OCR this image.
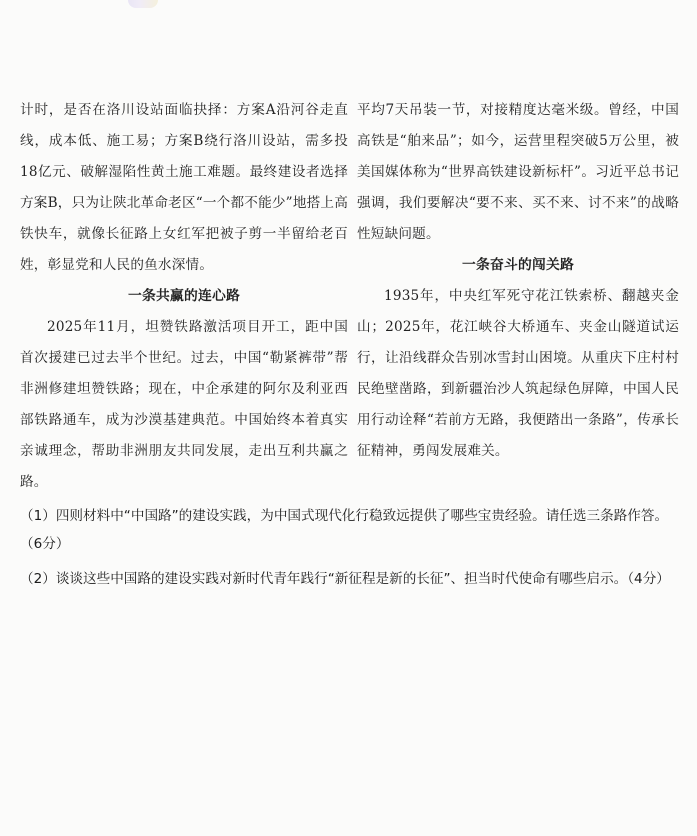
计时，是否在洛川设站面临抉择：方案A沿河谷走直线，成本低、施工易；方案B绕行洛川设站，需多投18亿元、破解湿陷性黄土施工难题。最终建设者选择方案B，只为让陕北革命老区“一个都不能少”地搭上高铁快车，就像长征路上女红军把被子剪一半留给老百姓，彰显党和人民的鱼水深情。

一条共赢的连心路

2025年11月，坦赞铁路激活项目开工，距中国首次援建已过去半个世纪。过去，中国“勒紧裤带”帮非洲修建坦赞铁路；现在，中企承建的阿尔及利亚西部铁路通车，成为沙漠基建典范。中国始终本着真实亲诚理念，帮助非洲朋友共同发展，走出互利共赢之路。

平均7天吊装一节，对接精度达毫米级。曾经，中国高铁是“舶来品”；如今，运营里程突破5万公里，被美国媒体称为“世界高铁建设新标杆”。习近平总书记强调，我们要解决“要不来、买不来、讨不来”的战略性短缺问题。

一条奋斗的闯关路

1935年，中央红军死守花江铁索桥、翻越夹金山；2025年，花江峡谷大桥通车、夹金山隧道试运行，让沿线群众告别冰雪封山困境。从重庆下庄村村民绝壁凿路，到新疆治沙人筑起绿色屏障，中国人民用行动诠释“若前方无路，我便踏出一条路”，传承长征精神，勇闯发展难关。

（1）四则材料中“中国路”的建设实践，为中国式现代化行稳致远提供了哪些宝贵经验。请任选三条路作答。（6分）

（2）谈谈这些中国路的建设实践对新时代青年践行“新征程是新的长征”、担当时代使命有哪些启示。（4分）
